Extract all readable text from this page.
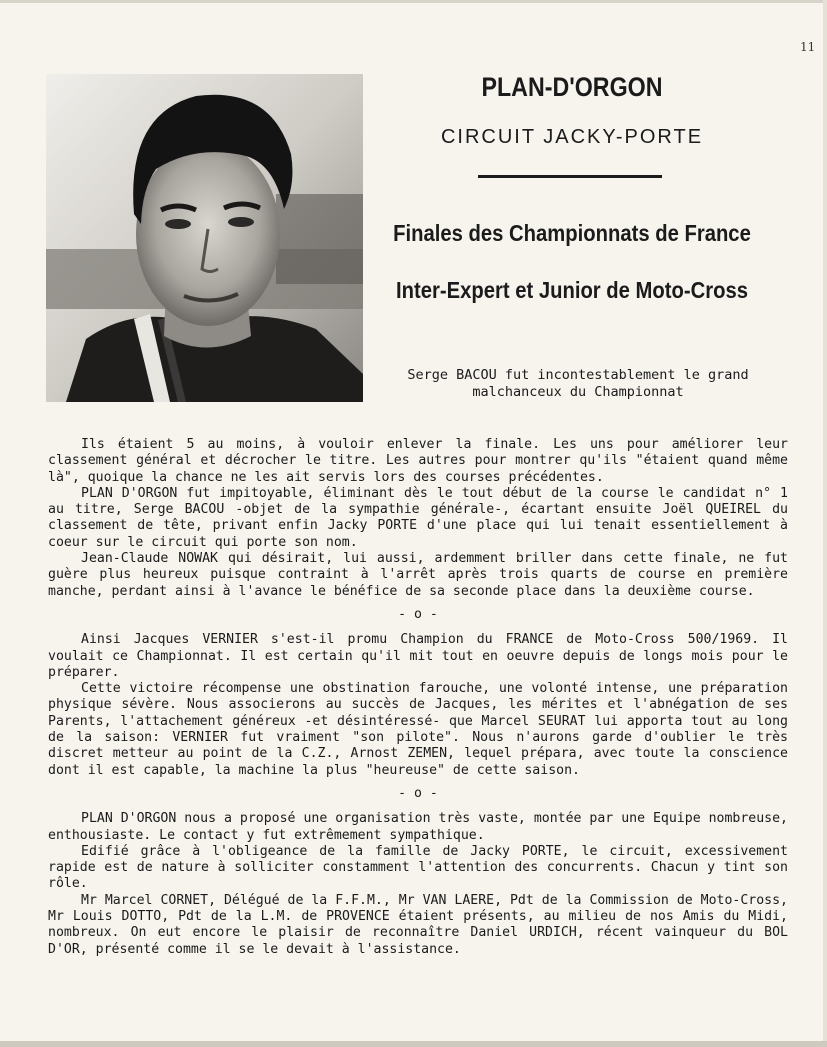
11
PLAN-D'ORGON
CIRCUIT JACKY-PORTE
Finales des Championnats de France
Inter-Expert et Junior de Moto-Cross
Serge BACOU fut incontestablement le grand
malchanceux du Championnat

Ils étaient 5 au moins, à vouloir enlever la finale. Les uns pour améliorer leur classement général et décrocher le titre. Les autres pour montrer qu'ils "étaient quand même là", quoique la chance ne les ait servis lors des courses précédentes.

PLAN D'ORGON fut impitoyable, éliminant dès le tout début de la course le candidat n° 1 au titre, Serge BACOU -objet de la sympathie générale-, écartant ensuite Joël QUEIREL du classement de tête, privant enfin Jacky PORTE d'une place qui lui tenait essentiellement à coeur sur le circuit qui porte son nom.

Jean-Claude NOWAK qui désirait, lui aussi, ardemment briller dans cette finale, ne fut guère plus heureux puisque contraint à l'arrêt après trois quarts de course en première manche, perdant ainsi à l'avance le bénéfice de sa seconde place dans la deuxième course.

- o -

Ainsi Jacques VERNIER s'est-il promu Champion du FRANCE de Moto-Cross 500/1969. Il voulait ce Championnat. Il est certain qu'il mit tout en oeuvre depuis de longs mois pour le préparer.

Cette victoire récompense une obstination farouche, une volonté intense, une préparation physique sévère. Nous associerons au succès de Jacques, les mérites et l'abnégation de ses Parents, l'attachement généreux -et désintéressé- que Marcel SEURAT lui apporta tout au long de la saison: VERNIER fut vraiment "son pilote". Nous n'aurons garde d'oublier le très discret metteur au point de la C.Z., Arnost ZEMEN, lequel prépara, avec toute la conscience dont il est capable, la machine la plus "heureuse" de cette saison.

- o -

PLAN D'ORGON nous a proposé une organisation très vaste, montée par une Equipe nombreuse, enthousiaste. Le contact y fut extrêmement sympathique.

Edifié grâce à l'obligeance de la famille de Jacky PORTE, le circuit, excessivement rapide est de nature à solliciter constamment l'attention des concurrents. Chacun y tint son rôle.

Mr Marcel CORNET, Délégué de la F.F.M., Mr VAN LAERE, Pdt de la Commission de Moto-Cross, Mr Louis DOTTO, Pdt de la L.M. de PROVENCE étaient présents, au milieu de nos Amis du Midi, nombreux. On eut encore le plaisir de reconnaître Daniel URDICH, récent vainqueur du BOL D'OR, présenté comme il se le devait à l'assistance.
